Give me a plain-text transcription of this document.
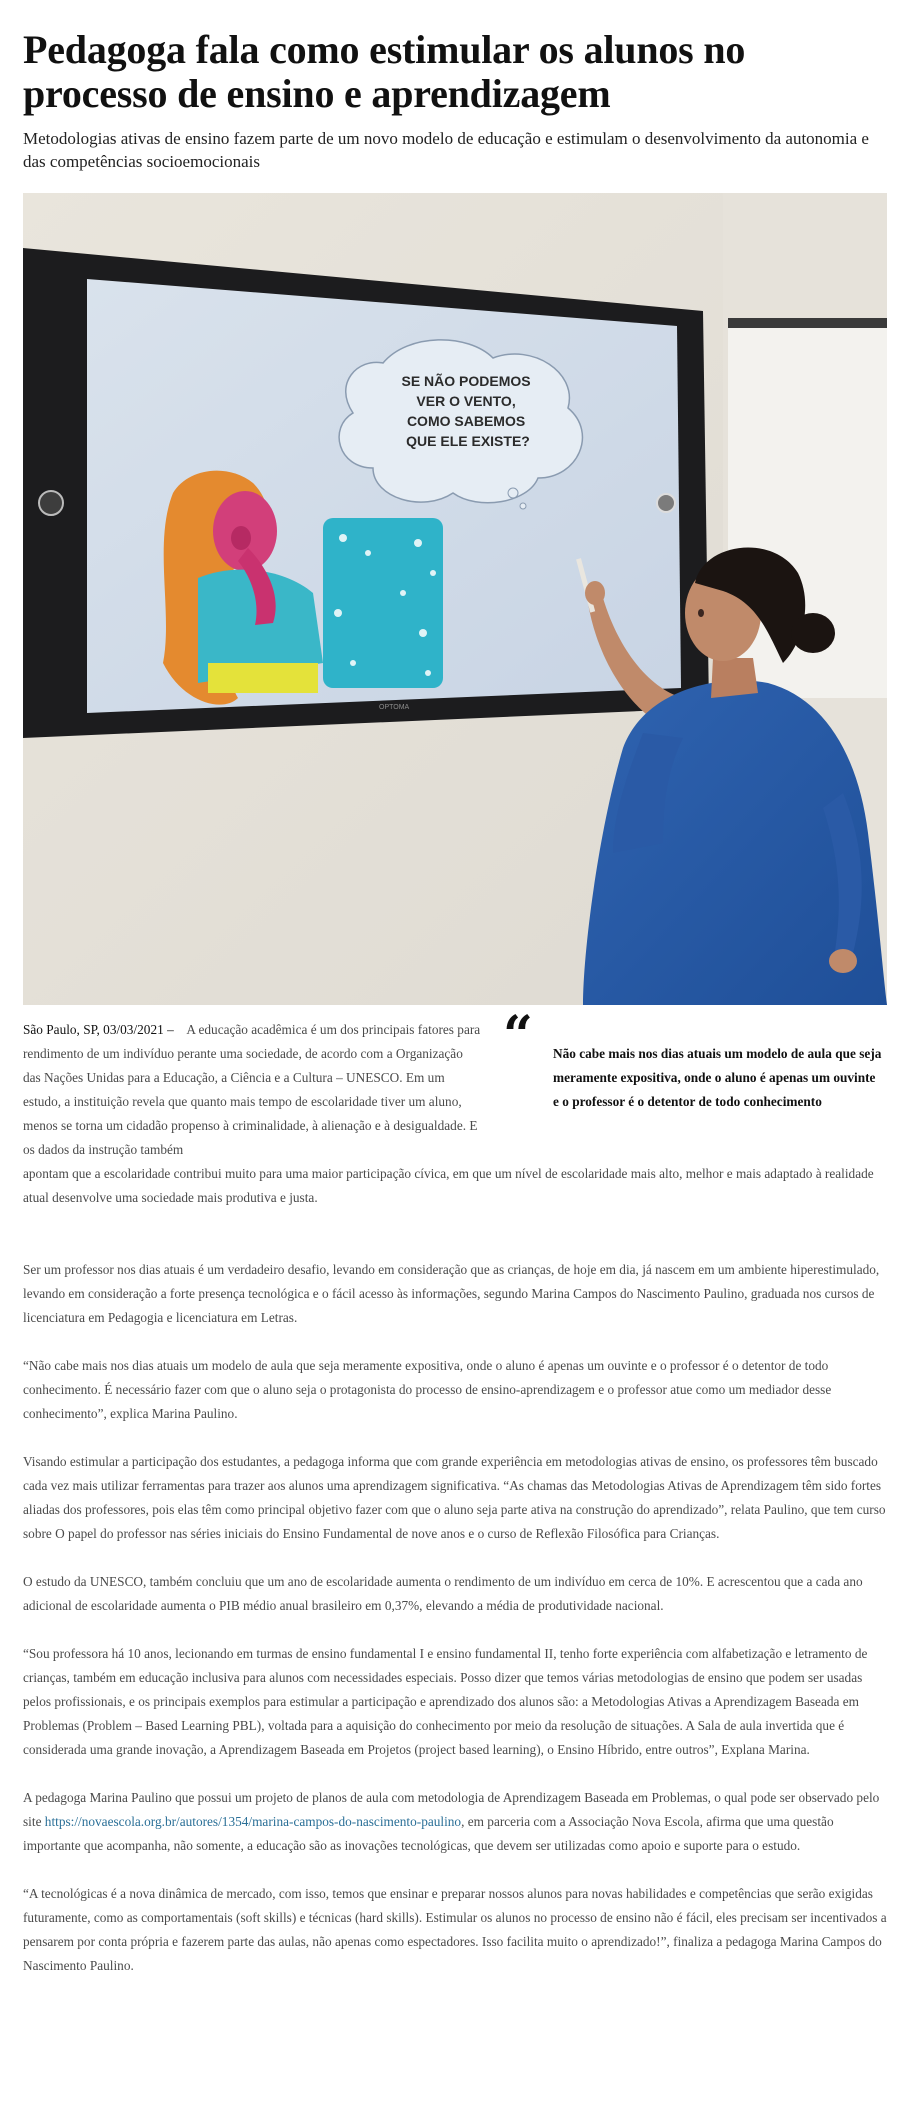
Pedagoga fala como estimular os alunos no processo de ensino e aprendizagem
Metodologias ativas de ensino fazem parte de um novo modelo de educação e estimulam o desenvolvimento da autonomia e das competências socioemocionais
OPTOMA
SE NÃO PODEMOS VER O VENTO, COMO SABEMOS QUE ELE EXISTE?
São Paulo, SP, 03/03/2021 – A educação acadêmica é um dos principais fatores para rendimento de um indivíduo perante uma sociedade, de acordo com a Organização das Nações Unidas para a Educação, a Ciência e a Cultura – UNESCO. Em um estudo, a instituição revela que quanto mais tempo de escolaridade tiver um aluno, menos se torna um cidadão propenso à criminalidade, à alienação e à desigualdade. E os dados da instrução também
“ Não cabe mais nos dias atuais um modelo de aula que seja meramente expositiva, onde o aluno é apenas um ouvinte e o professor é o detentor de todo conhecimento

apontam que a escolaridade contribui muito para uma maior participação cívica, em que um nível de escolaridade mais alto, melhor e mais adaptado à realidade atual desenvolve uma sociedade mais produtiva e justa.

Ser um professor nos dias atuais é um verdadeiro desafio, levando em consideração que as crianças, de hoje em dia, já nascem em um ambiente hiperestimulado, levando em consideração a forte presença tecnológica e o fácil acesso às informações, segundo Marina Campos do Nascimento Paulino, graduada nos cursos de licenciatura em Pedagogia e licenciatura em Letras.

“Não cabe mais nos dias atuais um modelo de aula que seja meramente expositiva, onde o aluno é apenas um ouvinte e o professor é o detentor de todo conhecimento. É necessário fazer com que o aluno seja o protagonista do processo de ensino-aprendizagem e o professor atue como um mediador desse conhecimento”, explica Marina Paulino.

Visando estimular a participação dos estudantes, a pedagoga informa que com grande experiência em metodologias ativas de ensino, os professores têm buscado cada vez mais utilizar ferramentas para trazer aos alunos uma aprendizagem significativa. “As chamas das Metodologias Ativas de Aprendizagem têm sido fortes aliadas dos professores, pois elas têm como principal objetivo fazer com que o aluno seja parte ativa na construção do aprendizado”, relata Paulino, que tem curso sobre O papel do professor nas séries iniciais do Ensino Fundamental de nove anos e o curso de Reflexão Filosófica para Crianças.

O estudo da UNESCO, também concluiu que um ano de escolaridade aumenta o rendimento de um indivíduo em cerca de 10%. E acrescentou que a cada ano adicional de escolaridade aumenta o PIB médio anual brasileiro em 0,37%, elevando a média de produtividade nacional.

“Sou professora há 10 anos, lecionando em turmas de ensino fundamental I e ensino fundamental II, tenho forte experiência com alfabetização e letramento de crianças, também em educação inclusiva para alunos com necessidades especiais. Posso dizer que temos várias metodologias de ensino que podem ser usadas pelos profissionais, e os principais exemplos para estimular a participação e aprendizado dos alunos são: a Metodologias Ativas a Aprendizagem Baseada em Problemas (Problem – Based Learning PBL), voltada para a aquisição do conhecimento por meio da resolução de situações. A Sala de aula invertida que é considerada uma grande inovação, a Aprendizagem Baseada em Projetos (project based learning), o Ensino Híbrido, entre outros”, Explana Marina.

A pedagoga Marina Paulino que possui um projeto de planos de aula com metodologia de Aprendizagem Baseada em Problemas, o qual pode ser observado pelo site https://novaescola.org.br/autores/1354/marina-campos-do-nascimento-paulino, em parceria com a Associação Nova Escola, afirma que uma questão importante que acompanha, não somente, a educação são as inovações tecnológicas, que devem ser utilizadas como apoio e suporte para o estudo.

“A tecnológicas é a nova dinâmica de mercado, com isso, temos que ensinar e preparar nossos alunos para novas habilidades e competências que serão exigidas futuramente, como as comportamentais (soft skills) e técnicas (hard skills). Estimular os alunos no processo de ensino não é fácil, eles precisam ser incentivados a pensarem por conta própria e fazerem parte das aulas, não apenas como espectadores. Isso facilita muito o aprendizado!”, finaliza a pedagoga Marina Campos do Nascimento Paulino.
